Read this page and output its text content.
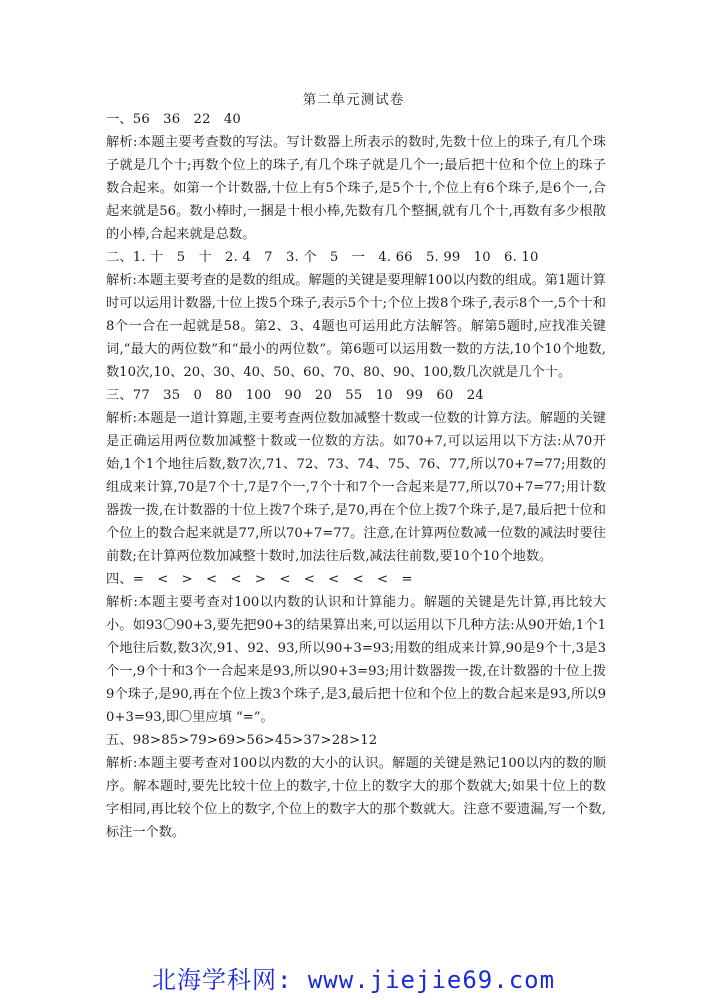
第二单元测试卷

一、56   36   22   40

解析:本题主要考查数的写法。写计数器上所表示的数时,先数十位上的珠子,有几个珠子就是几个十;再数个位上的珠子,有几个珠子就是几个一;最后把十位和个位上的珠子数合起来。如第一个计数器,十位上有5个珠子,是5个十,个位上有6个珠子,是6个一,合起来就是56。数小棒时,一捆是十根小棒,先数有几个整捆,就有几个十,再数有多少根散的小棒,合起来就是总数。

二、1. 十   5   十   2. 4   7   3. 个   5   一   4. 66   5. 99   10   6. 10

解析:本题主要考查的是数的组成。解题的关键是要理解100以内数的组成。第1题计算时可以运用计数器,十位上拨5个珠子,表示5个十;个位上拨8个珠子,表示8个一,5个十和8个一合在一起就是58。第2、3、4题也可运用此方法解答。解第5题时,应找准关键词,“最大的两位数”和“最小的两位数”。第6题可以运用数一数的方法,10个10个地数,数10次,10、20、30、40、50、60、70、80、90、100,数几次就是几个十。

三、77   35   0   80   100   90   20   55   10   99   60   24

解析:本题是一道计算题,主要考查两位数加减整十数或一位数的计算方法。解题的关键是正确运用两位数加减整十数或一位数的方法。如70+7,可以运用以下方法:从70开始,1个1个地往后数,数7次,71、72、73、74、75、76、77,所以70+7=77;用数的组成来计算,70是7个十,7是7个一,7个十和7个一合起来是77,所以70+7=77;用计数器拨一拨,在计数器的十位上拨7个珠子,是70,再在个位上拨7个珠子,是7,最后把十位和个位上的数合起来就是77,所以70+7=77。注意,在计算两位数减一位数的减法时要往前数;在计算两位数加减整十数时,加法往后数,减法往前数,要10个10个地数。

四、=   <   >   <   <   >   <   <   <   <   <   =

解析:本题主要考查对100以内数的认识和计算能力。解题的关键是先计算,再比较大小。如93〇90+3,要先把90+3的结果算出来,可以运用以下几种方法:从90开始,1个1个地往后数,数3次,91、92、93,所以90+3=93;用数的组成来计算,90是9个十,3是3个一,9个十和3个一合起来是93,所以90+3=93;用计数器拨一拨,在计数器的十位上拨9个珠子,是90,再在个位上拨3个珠子,是3,最后把十位和个位上的数合起来是93,所以90+3=93,即〇里应填 “=”。

五、98>85>79>69>56>45>37>28>12

解析:本题主要考查对100以内数的大小的认识。解题的关键是熟记100以内的数的顺序。解本题时,要先比较十位上的数字,十位上的数字大的那个数就大;如果十位上的数字相同,再比较个位上的数字,个位上的数字大的那个数就大。注意不要遗漏,写一个数,标注一个数。

北海学科网: www.jiejie69.com
